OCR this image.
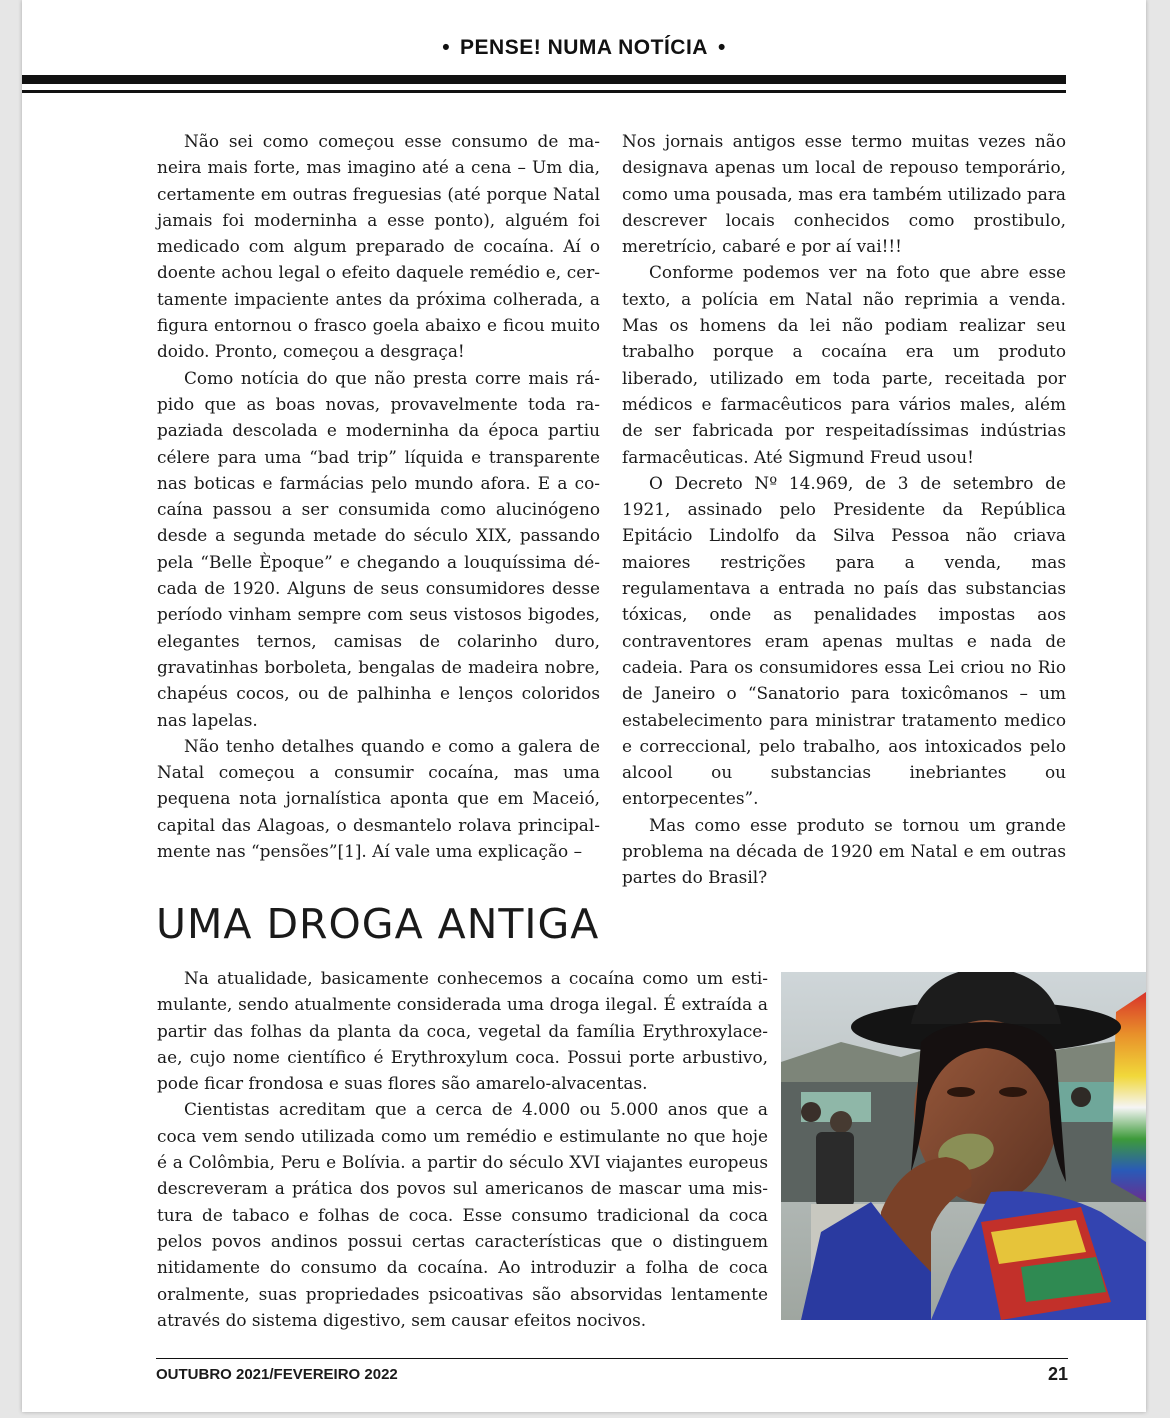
• PENSE! NUMA NOTÍCIA •

Não sei como começou esse consumo de maneira mais forte, mas imagino até a cena – Um dia, certamente em outras freguesias (até porque Natal jamais foi moderninha a esse ponto), alguém foi medicado com algum preparado de cocaína. Aí o doente achou legal o efeito daquele remédio e, certamente impaciente antes da próxima colherada, a figura entornou o frasco goela abaixo e ficou muito doido. Pronto, começou a desgraça!

Como notícia do que não presta corre mais rápido que as boas novas, provavelmente toda rapaziada descolada e moderninha da época partiu célere para uma “bad trip” líquida e transparente nas boticas e farmácias pelo mundo afora. E a cocaína passou a ser consumida como alucinógeno desde a segunda metade do século XIX, passando pela “Belle Èpoque” e chegando a louquíssima década de 1920. Alguns de seus consumidores desse período vinham sempre com seus vistosos bigodes, elegantes ternos, camisas de colarinho duro, gravatinhas borboleta, bengalas de madeira nobre, chapéus cocos, ou de palhinha e lenços coloridos nas lapelas.

Não tenho detalhes quando e como a galera de Natal começou a consumir cocaína, mas uma pequena nota jornalística aponta que em Maceió, capital das Alagoas, o desmantelo rolava principalmente nas “pensões”[1]. Aí vale uma explicação –

Nos jornais antigos esse termo muitas vezes não designava apenas um local de repouso temporário, como uma pousada, mas era também utilizado para descrever locais conhecidos como prostibulo, meretrício, cabaré e por aí vai!!!

Conforme podemos ver na foto que abre esse texto, a polícia em Natal não reprimia a venda. Mas os homens da lei não podiam realizar seu trabalho porque a cocaína era um produto liberado, utilizado em toda parte, receitada por médicos e farmacêuticos para vários males, além de ser fabricada por respeitadíssimas indústrias farmacêuticas. Até Sigmund Freud usou!

O Decreto Nº 14.969, de 3 de setembro de 1921, assinado pelo Presidente da República Epitácio Lindolfo da Silva Pessoa não criava maiores restrições para a venda, mas regulamentava a entrada no país das substancias tóxicas, onde as penalidades impostas aos contraventores eram apenas multas e nada de cadeia. Para os consumidores essa Lei criou no Rio de Janeiro o “Sanatorio para toxicômanos – um estabelecimento para ministrar tratamento medico e correccional, pelo trabalho, aos intoxicados pelo alcool ou substancias inebriantes ou entorpecentes”.

Mas como esse produto se tornou um grande problema na década de 1920 em Natal e em outras partes do Brasil?

UMA DROGA ANTIGA

Na atualidade, basicamente conhecemos a cocaína como um estimulante, sendo atualmente considerada uma droga ilegal. É extraída a partir das folhas da planta da coca, vegetal da família Erythroxylaceae, cujo nome científico é Erythroxylum coca. Possui porte arbustivo, pode ficar frondosa e suas flores são amarelo-alvacentas.

Cientistas acreditam que a cerca de 4.000 ou 5.000 anos que a coca vem sendo utilizada como um remédio e estimulante no que hoje é a Colômbia, Peru e Bolívia. a partir do século XVI viajantes europeus descreveram a prática dos povos sul americanos de mascar uma mistura de tabaco e folhas de coca. Esse consumo tradicional da coca pelos povos andinos possui certas características que o distinguem nitidamente do consumo da cocaína. Ao introduzir a folha de coca oralmente, suas propriedades psicoativas são absorvidas lentamente através do sistema digestivo, sem causar efeitos nocivos.

OUTUBRO 2021/FEVEREIRO 2022	21
